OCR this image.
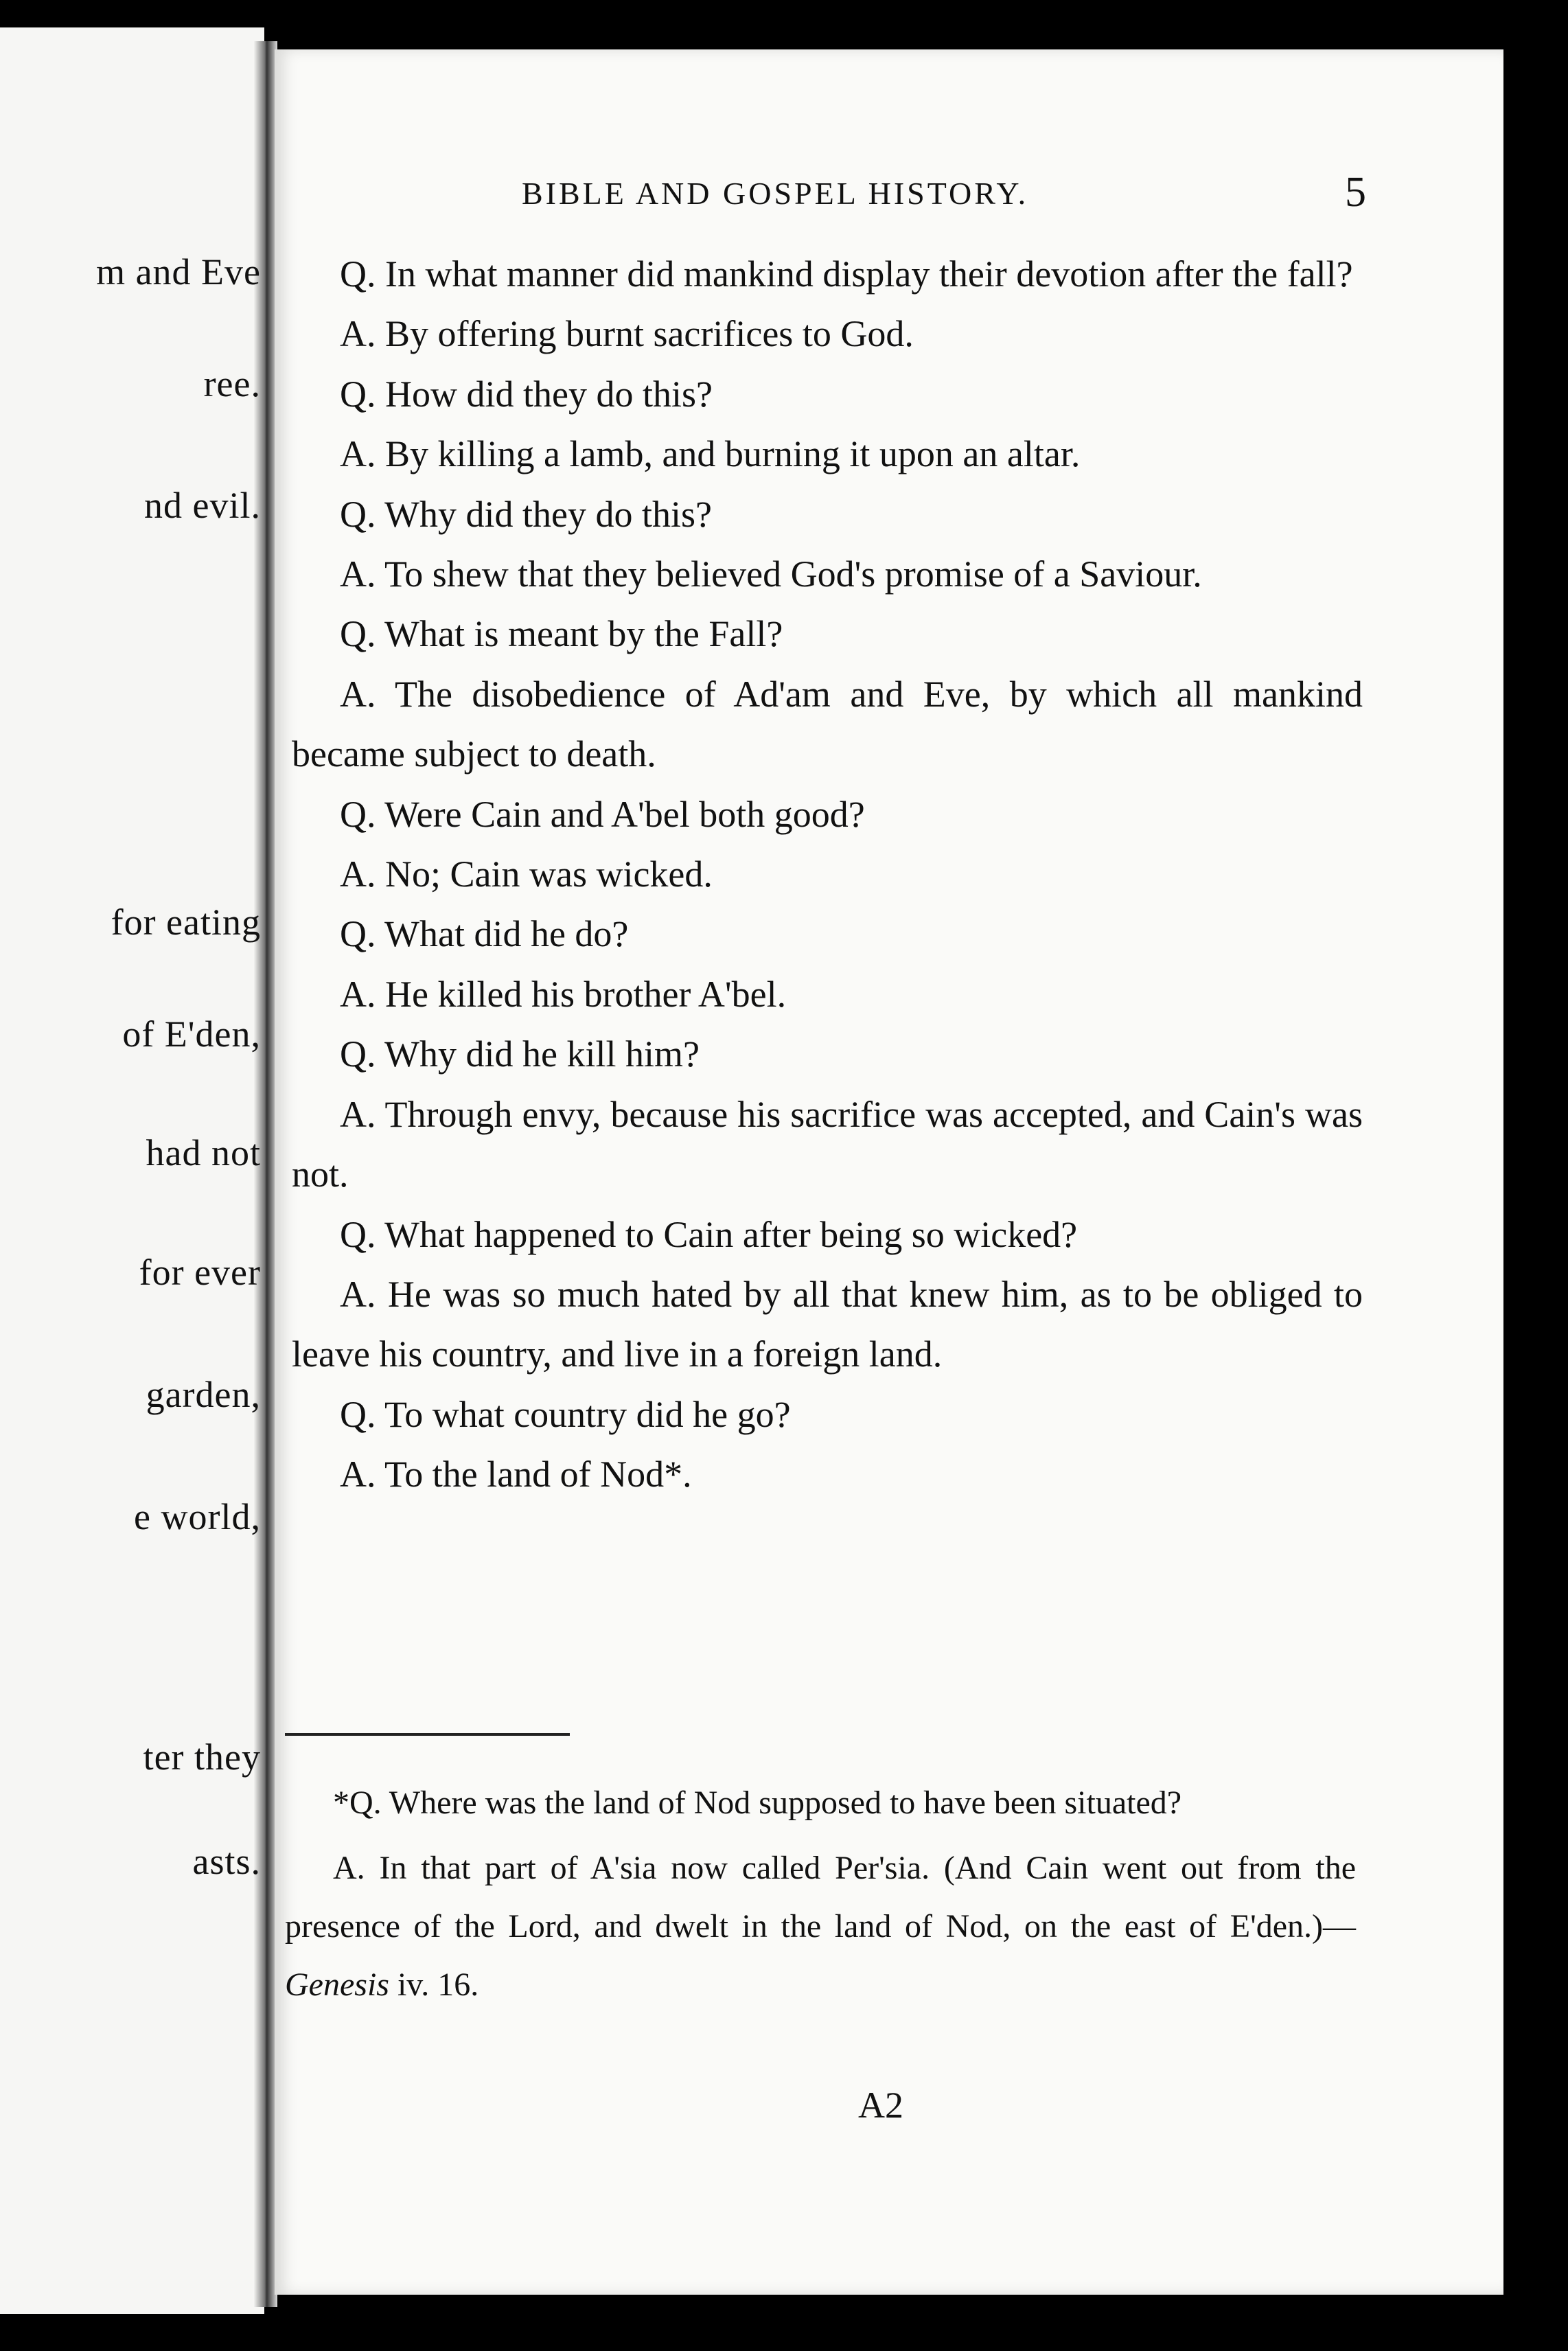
m and Eve
ree.
nd evil.
for eating
of E'den,
had not
for ever
garden,
e world,
ter they
asts.
BIBLE AND GOSPEL HISTORY.	5

Q. In what manner did mankind display their devotion after the fall?

A. By offering burnt sacrifices to God.

Q. How did they do this?

A. By killing a lamb, and burning it upon an altar.

Q. Why did they do this?

A. To shew that they believed God's promise of a Saviour.

Q. What is meant by the Fall?

A. The disobedience of Ad'am and Eve, by which all mankind became subject to death.

Q. Were Cain and A'bel both good?

A. No; Cain was wicked.

Q. What did he do?

A. He killed his brother A'bel.

Q. Why did he kill him?

A. Through envy, because his sacrifice was accepted, and Cain's was not.

Q. What happened to Cain after being so wicked?

A. He was so much hated by all that knew him, as to be obliged to leave his country, and live in a foreign land.

Q. To what country did he go?

A. To the land of Nod*.

*Q. Where was the land of Nod supposed to have been situated?

A. In that part of A'sia now called Per'sia. (And Cain went out from the presence of the Lord, and dwelt in the land of Nod, on the east of E'den.)—Genesis iv. 16.

A2
